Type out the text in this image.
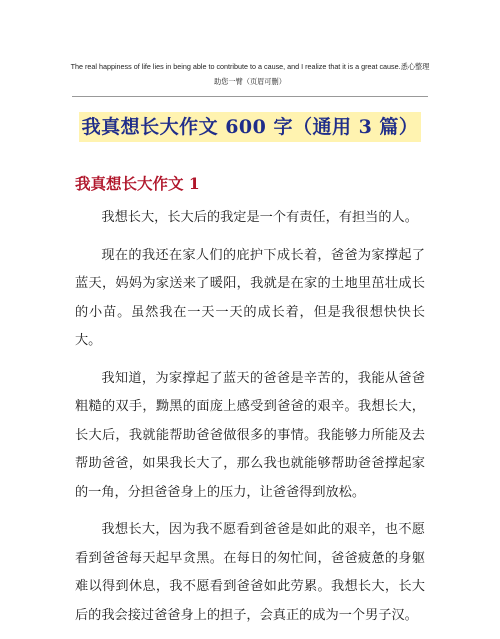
The real happiness of life lies in being able to contribute to a cause, and I realize that it is a great cause.悉心整理
助您一臂（页眉可删）
我真想长大作文 600 字（通用 3 篇）
我真想长大作文 1

我想长大，长大后的我定是一个有责任，有担当的人。

现在的我还在家人们的庇护下成长着，爸爸为家撑起了蓝天，妈妈为家送来了暖阳，我就是在家的土地里茁壮成长的小苗。虽然我在一天一天的成长着，但是我很想快快长大。

我知道，为家撑起了蓝天的爸爸是辛苦的，我能从爸爸粗糙的双手，黝黑的面庞上感受到爸爸的艰辛。我想长大，长大后，我就能帮助爸爸做很多的事情。我能够力所能及去帮助爸爸，如果我长大了，那么我也就能够帮助爸爸撑起家的一角，分担爸爸身上的压力，让爸爸得到放松。

我想长大，因为我不愿看到爸爸是如此的艰辛，也不愿看到爸爸每天起早贪黑。在每日的匆忙间，爸爸疲惫的身躯难以得到休息，我不愿看到爸爸如此劳累。我想长大，长大后的我会接过爸爸身上的担子，会真正的成为一个男子汉。
